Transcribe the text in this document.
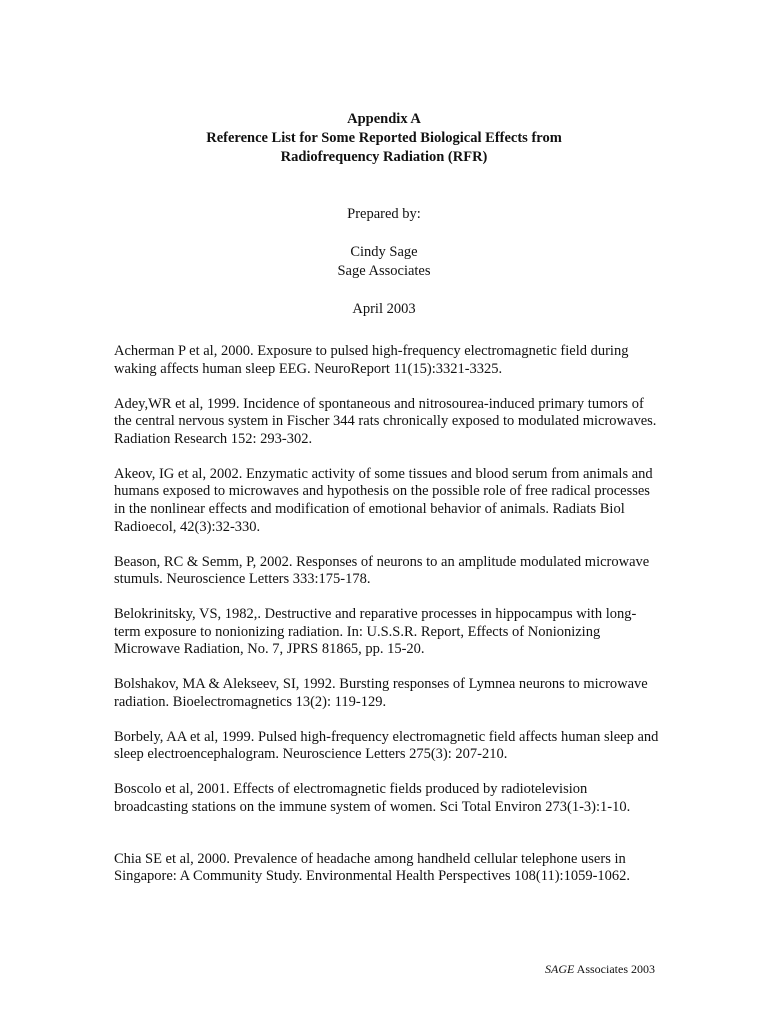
Appendix A
Reference List for Some Reported Biological Effects from
Radiofrequency Radiation (RFR)
Prepared by:
Cindy Sage
Sage Associates
April 2003

Acherman P et al, 2000. Exposure to pulsed high-frequency electromagnetic field during waking affects human sleep EEG. NeuroReport 11(15):3321-3325.

Adey,WR et al, 1999. Incidence of spontaneous and nitrosourea-induced primary tumors of the central nervous system in Fischer 344 rats chronically exposed to modulated microwaves. Radiation Research 152: 293-302.

Akeov, IG et al, 2002. Enzymatic activity of some tissues and blood serum from animals and humans exposed to microwaves and hypothesis on the possible role of free radical processes in the nonlinear effects and modification of emotional behavior of animals. Radiats Biol Radioecol, 42(3):32-330.

Beason, RC & Semm, P, 2002. Responses of neurons to an amplitude modulated microwave stumuls. Neuroscience Letters 333:175-178.

Belokrinitsky, VS, 1982,. Destructive and reparative processes in hippocampus with long-term exposure to nonionizing radiation. In: U.S.S.R. Report, Effects of Nonionizing Microwave Radiation, No. 7, JPRS 81865, pp. 15-20.

Bolshakov, MA & Alekseev, SI, 1992. Bursting responses of Lymnea neurons to microwave radiation. Bioelectromagnetics 13(2): 119-129.

Borbely, AA et al, 1999. Pulsed high-frequency electromagnetic field affects human sleep and sleep electroencephalogram. Neuroscience Letters 275(3): 207-210.

Boscolo et al, 2001. Effects of electromagnetic fields produced by radiotelevision broadcasting stations on the immune system of women. Sci Total Environ 273(1-3):1-10.

Chia SE et al, 2000. Prevalence of headache among handheld cellular telephone users in Singapore: A Community Study. Environmental Health Perspectives 108(11):1059-1062.

SAGE Associates 2003
